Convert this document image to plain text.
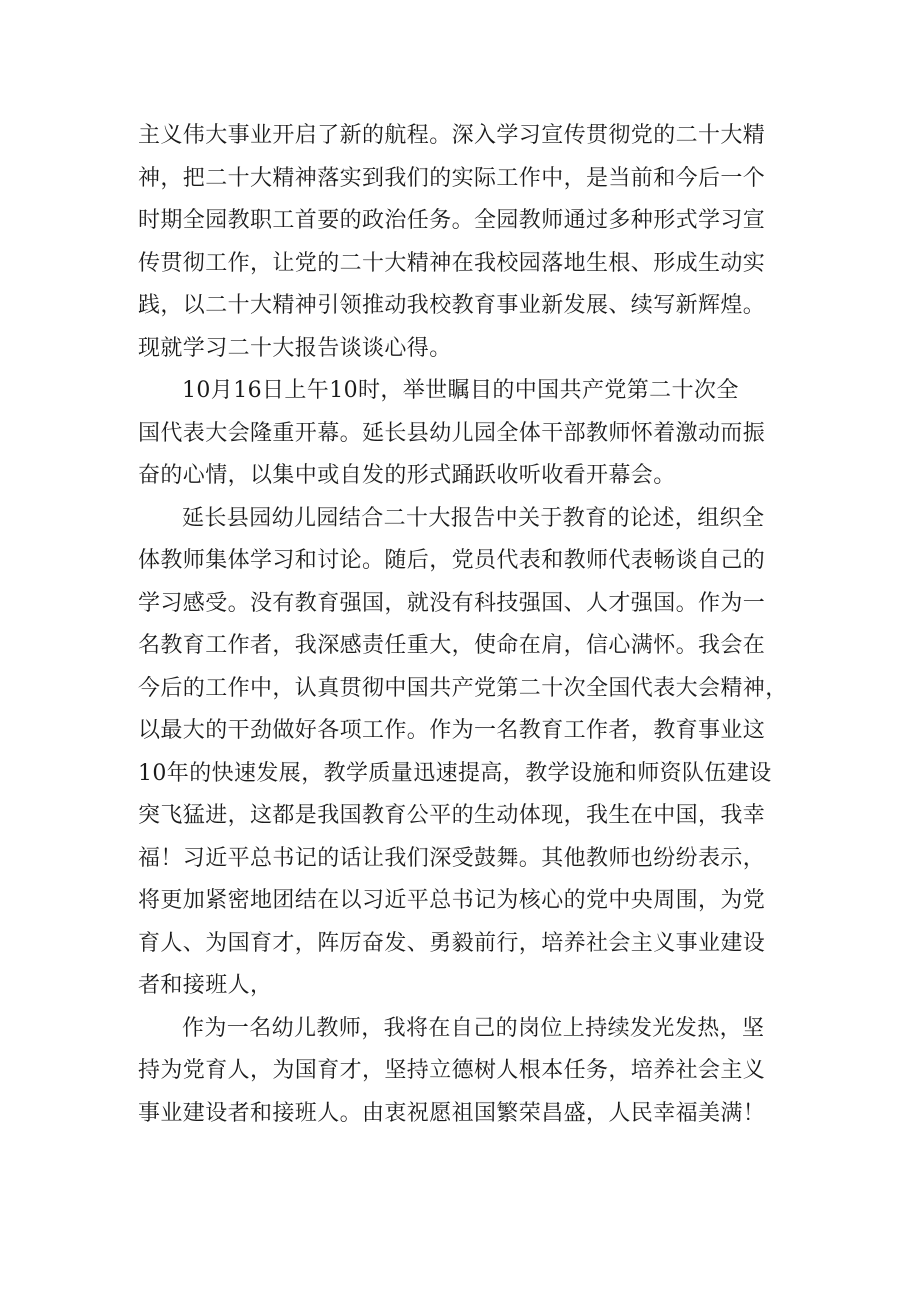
主义伟大事业开启了新的航程。深入学习宣传贯彻党的二十大精
神，把二十大精神落实到我们的实际工作中，是当前和今后一个
时期全园教职工首要的政治任务。全园教师通过多种形式学习宣
传贯彻工作，让党的二十大精神在我校园落地生根、形成生动实
践，以二十大精神引领推动我校教育事业新发展、续写新辉煌。
现就学习二十大报告谈谈心得。
10月16日上午10时，举世瞩目的中国共产党第二十次全
国代表大会隆重开幕。延长县幼儿园全体干部教师怀着激动而振
奋的心情，以集中或自发的形式踊跃收听收看开幕会。
延长县园幼儿园结合二十大报告中关于教育的论述，组织全
体教师集体学习和讨论。随后，党员代表和教师代表畅谈自己的
学习感受。没有教育强国，就没有科技强国、人才强国。作为一
名教育工作者，我深感责任重大，使命在肩，信心满怀。我会在
今后的工作中，认真贯彻中国共产党第二十次全国代表大会精神，
以最大的干劲做好各项工作。作为一名教育工作者，教育事业这
10年的快速发展，教学质量迅速提高，教学设施和师资队伍建设
突飞猛进，这都是我国教育公平的生动体现，我生在中国，我幸
福！习近平总书记的话让我们深受鼓舞。其他教师也纷纷表示，
将更加紧密地团结在以习近平总书记为核心的党中央周围，为党
育人、为国育才，阵厉奋发、勇毅前行，培养社会主义事业建设
者和接班人，
作为一名幼儿教师，我将在自己的岗位上持续发光发热，坚
持为党育人，为国育才，坚持立德树人根本任务，培养社会主义
事业建设者和接班人。由衷祝愿祖国繁荣昌盛，人民幸福美满！
